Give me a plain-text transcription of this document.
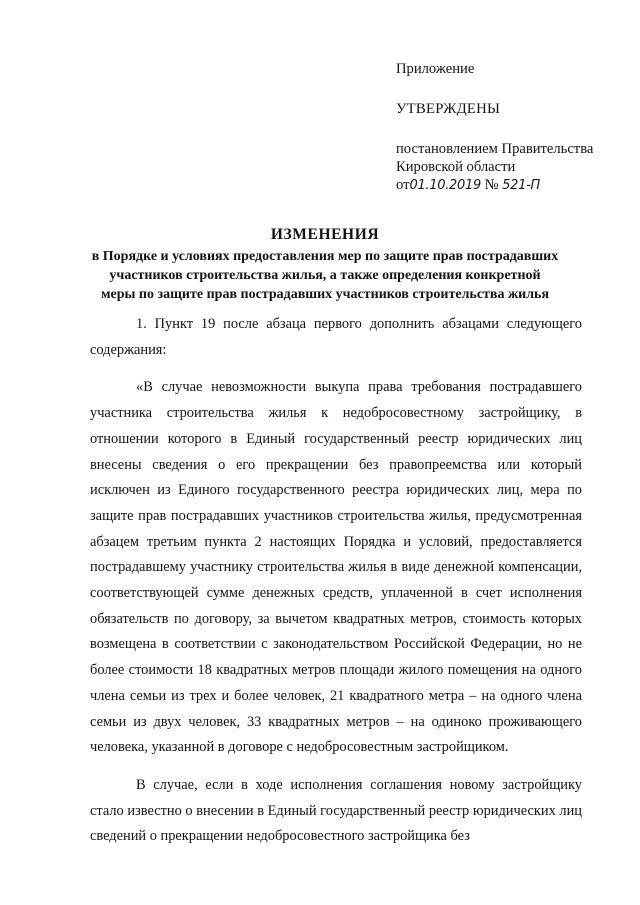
Приложение

УТВЕРЖДЕНЫ

постановлением Правительства
Кировской области
от01.10.2019 № 521-П
ИЗМЕНЕНИЯ
в Порядке и условиях предоставления мер по защите прав пострадавших
участников строительства жилья, а также определения конкретной
меры по защите прав пострадавших участников строительства жилья

1. Пункт 19 после абзаца первого дополнить абзацами следующего содержания:

«В случае невозможности выкупа права требования пострадавшего участника строительства жилья к недобросовестному застройщику, в отношении которого в Единый государственный реестр юридических лиц внесены сведения о его прекращении без правопреемства или который исключен из Единого государственного реестра юридических лиц, мера по защите прав пострадавших участников строительства жилья, предусмотренная абзацем третьим пункта 2 настоящих Порядка и условий, предоставляется пострадавшему участнику строительства жилья в виде денежной компенсации, соответствующей сумме денежных средств, уплаченной в счет исполнения обязательств по договору, за вычетом квадратных метров, стоимость которых возмещена в соответствии с законодательством Российской Федерации, но не более стоимости 18 квадратных метров площади жилого помещения на одного члена семьи из трех и более человек, 21 квадратного метра – на одного члена семьи из двух человек, 33 квадратных метров – на одиноко проживающего человека, указанной в договоре с недобросовестным застройщиком.

В случае, если в ходе исполнения соглашения новому застройщику стало известно о внесении в Единый государственный реестр юридических лиц сведений о прекращении недобросовестного застройщика без
